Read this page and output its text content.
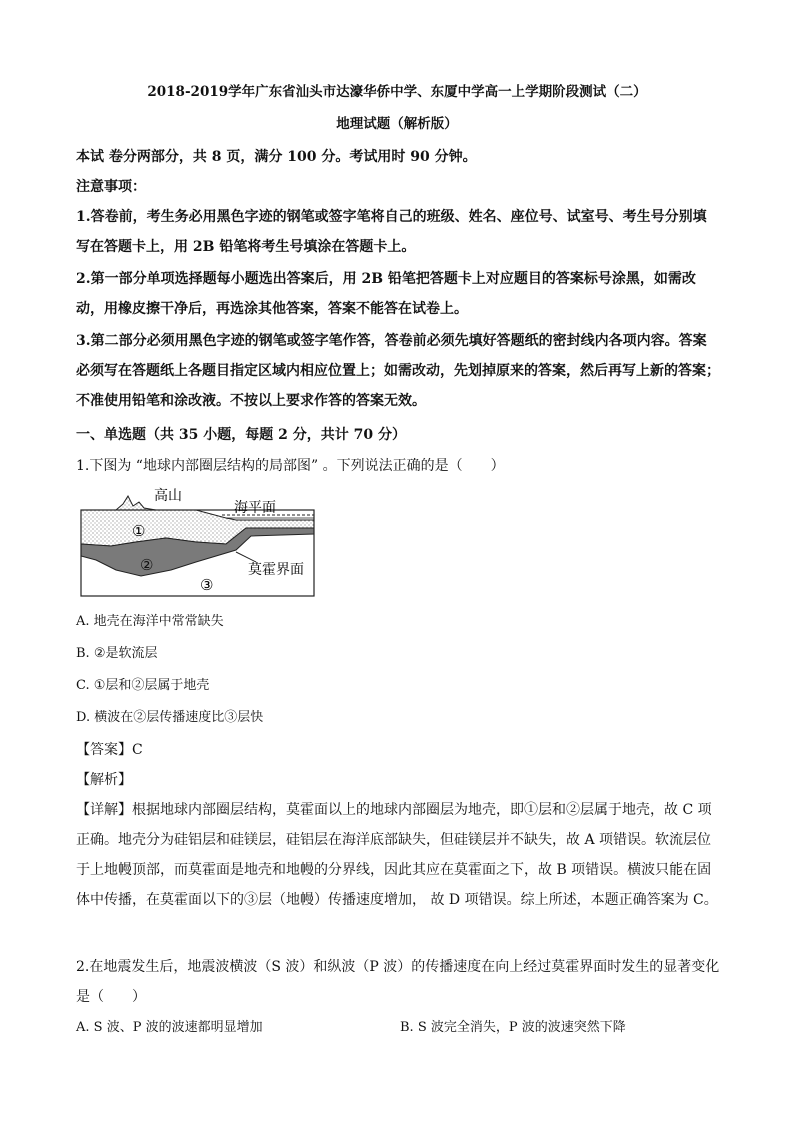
2018-2019学年广东省汕头市达濠华侨中学、东厦中学高一上学期阶段测试（二）
地理试题（解析版）
本试 卷分两部分，共 8 页，满分 100 分。考试用时 90 分钟。
注意事项：
1.答卷前，考生务必用黑色字迹的钢笔或签字笔将自己的班级、姓名、座位号、试室号、考生号分别填写在答题卡上，用 2B 铅笔将考生号填涂在答题卡上。
2.第一部分单项选择题每小题选出答案后，用 2B 铅笔把答题卡上对应题目的答案标号涂黑，如需改动，用橡皮擦干净后，再选涂其他答案，答案不能答在试卷上。
3.第二部分必须用黑色字迹的钢笔或签字笔作答，答卷前必须先填好答题纸的密封线内各项内容。答案必须写在答题纸上各题目指定区域内相应位置上；如需改动，先划掉原来的答案，然后再写上新的答案；不准使用铅笔和涂改液。不按以上要求作答的答案无效。
一、单选题（共 35 小题，每题 2 分，共计 70 分）
1.下图为 “地球内部圈层结构的局部图” 。下列说法正确的是（　　）
高山
海平面
莫霍界面
①
②
③
A. 地壳在海洋中常常缺失
B. ②是软流层
C. ①层和②层属于地壳
D. 横波在②层传播速度比③层快
【答案】C
【解析】
【详解】根据地球内部圈层结构，莫霍面以上的地球内部圈层为地壳，即①层和②层属于地壳，故 C 项正确。地壳分为硅铝层和硅镁层，硅铝层在海洋底部缺失，但硅镁层并不缺失，故 A 项错误。软流层位于上地幔顶部，而莫霍面是地壳和地幔的分界线，因此其应在莫霍面之下，故 B 项错误。横波只能在固体中传播，在莫霍面以下的③层（地幔）传播速度增加， 故 D 项错误。综上所述，本题正确答案为 C。
2.在地震发生后，地震波横波（S 波）和纵波（P 波）的传播速度在向上经过莫霍界面时发生的显著变化是（　　）
A. S 波、P 波的波速都明显增加	B. S 波完全消失，P 波的波速突然下降
